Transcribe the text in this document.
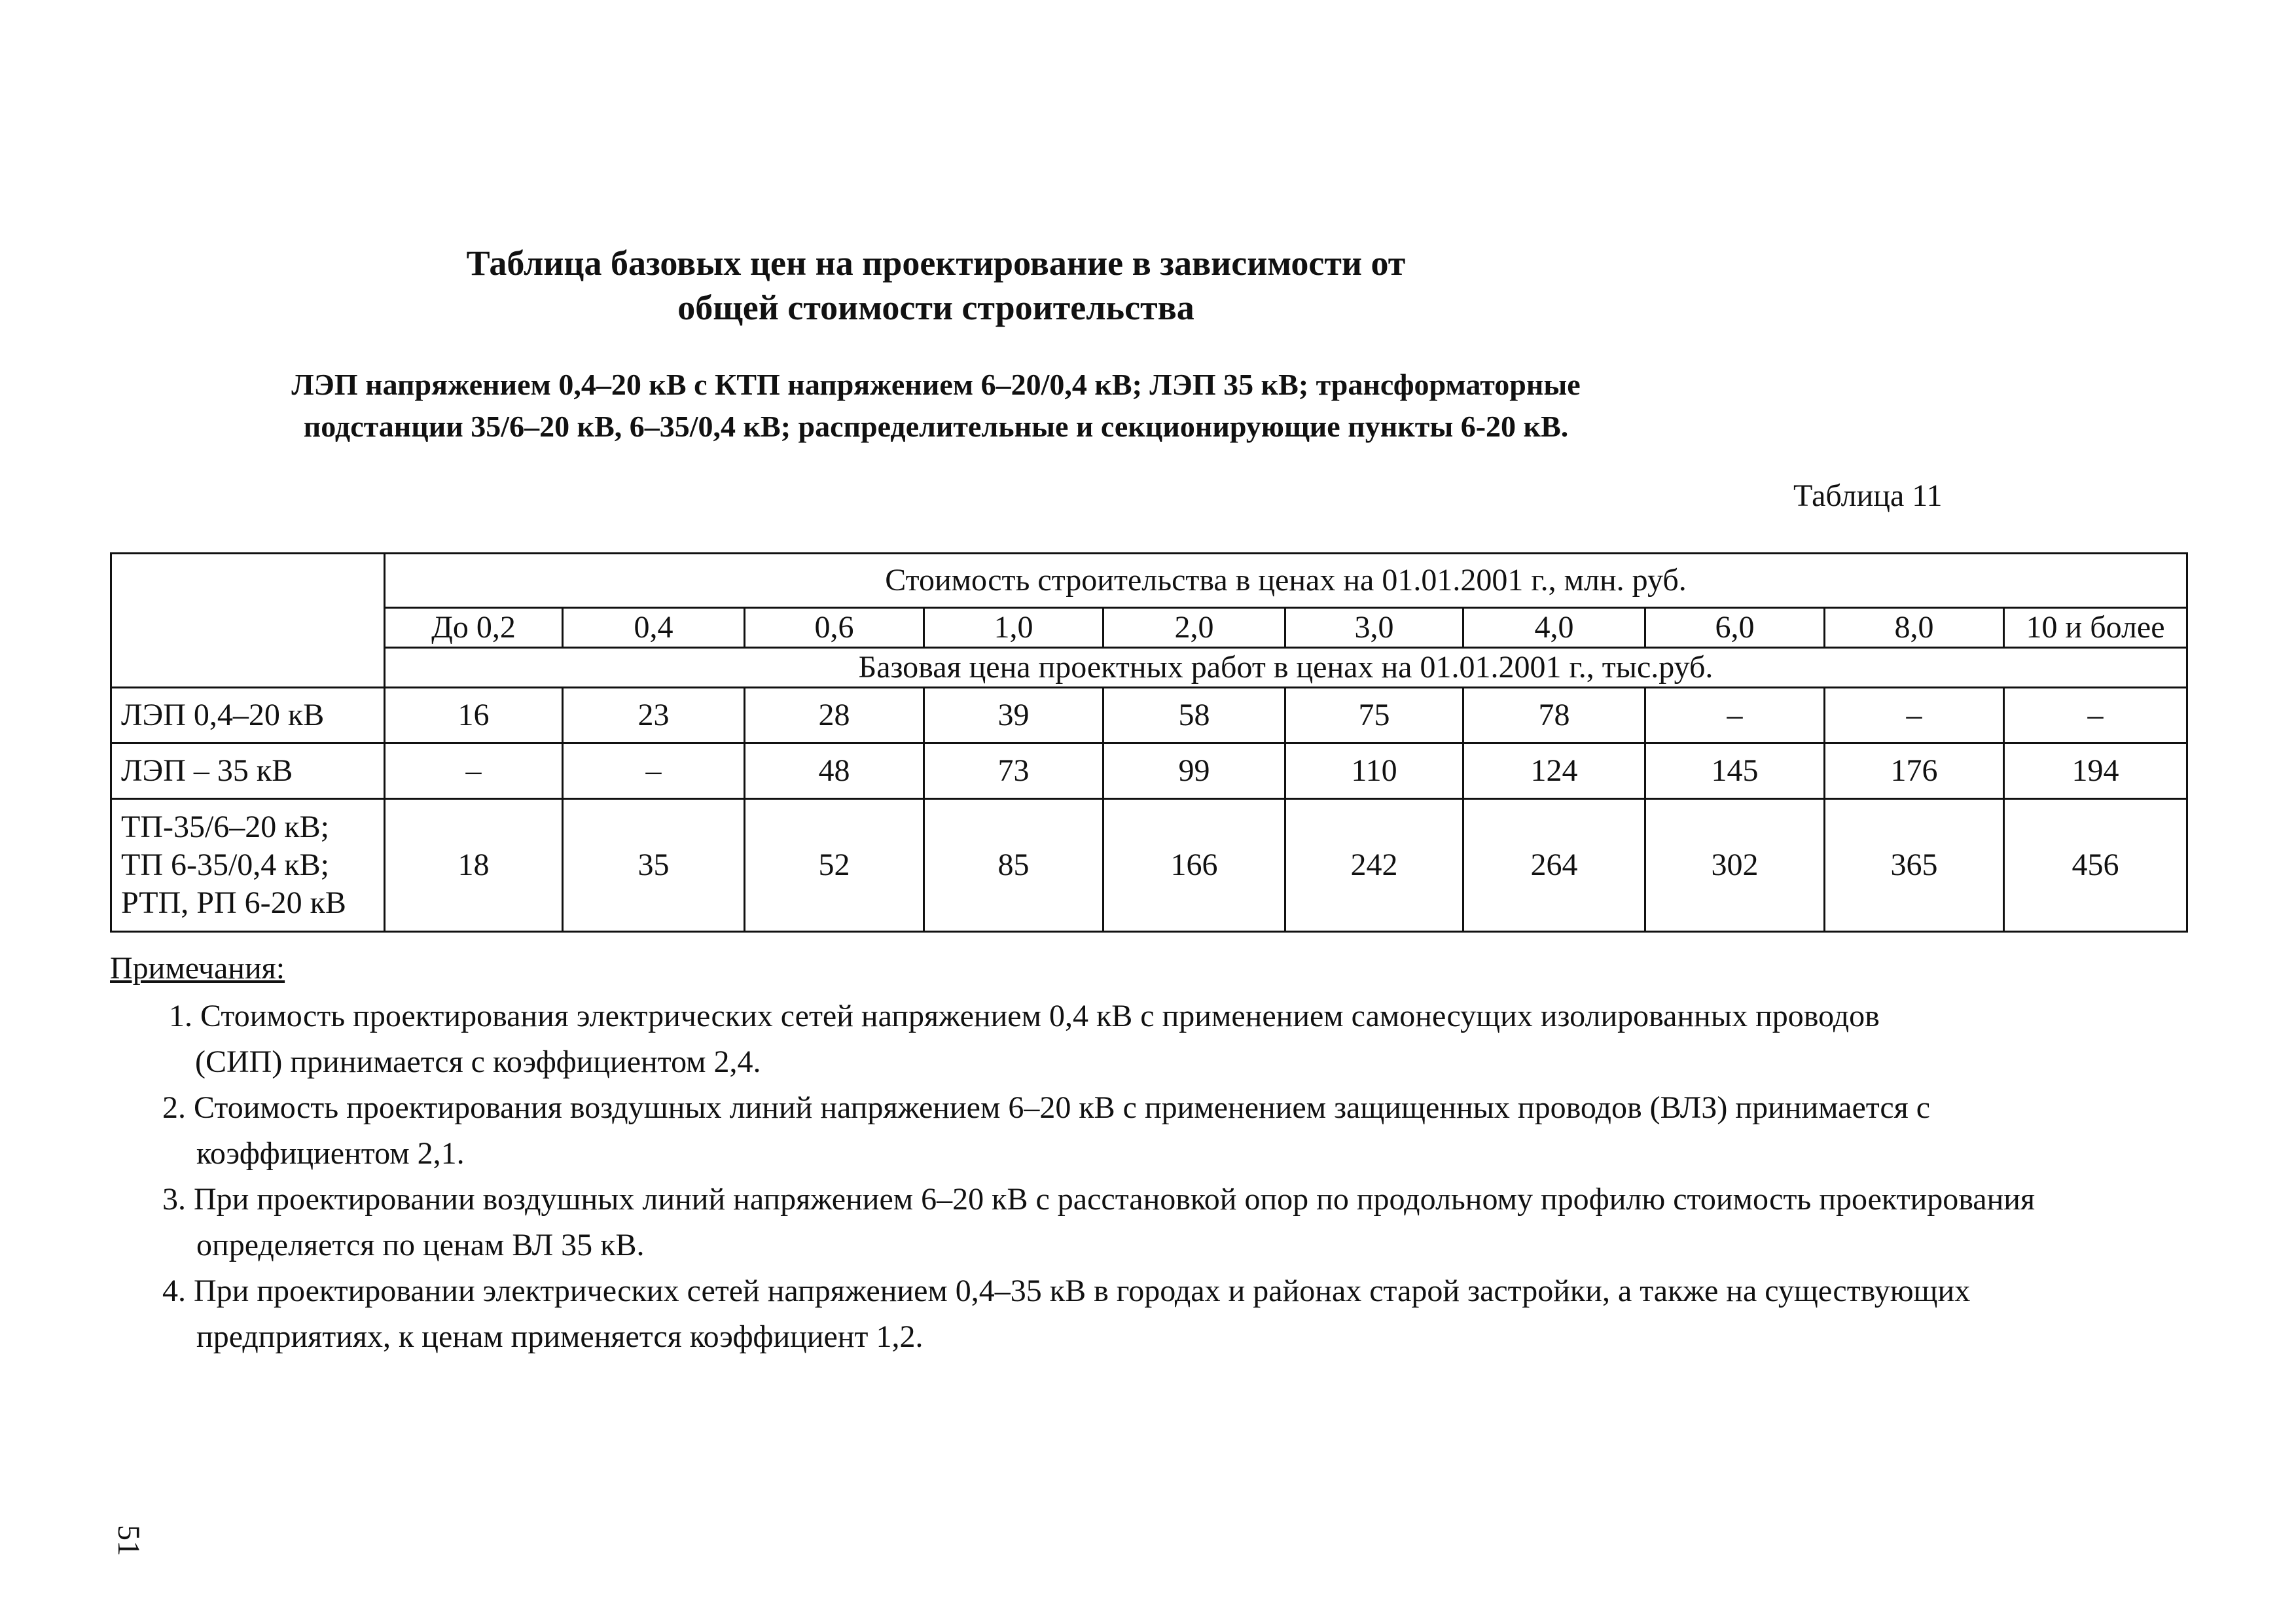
Таблица базовых цен на проектирование в зависимости от
общей стоимости строительства
ЛЭП напряжением 0,4–20 кВ с КТП напряжением 6–20/0,4 кВ; ЛЭП 35 кВ; трансформаторные
подстанции 35/6–20 кВ, 6–35/0,4 кВ; распределительные и секционирующие пункты 6-20 кВ.
Таблица 11
	Стоимость строительства в ценах на 01.01.2001 г., млн. руб.									
	До 0,2	0,4	0,6	1,0	2,0	3,0	4,0	6,0	8,0	10 и более
	Базовая цена проектных работ в ценах на 01.01.2001 г., тыс.руб.									
ЛЭП 0,4–20 кВ	16	23	28	39	58	75	78	–	–	–
ЛЭП – 35 кВ	–	–	48	73	99	110	124	145	176	194

ТП-35/6–20 кВ;
ТП 6-35/0,4 кВ;
РТП, РП 6-20 кВ	18	35	52	85	166	242	264	302	365	456
Примечания:
1. Стоимость проектирования электрических сетей напряжением 0,4 кВ с применением самонесущих изолированных проводов
(СИП) принимается с коэффициентом 2,4.
2. Стоимость проектирования воздушных линий напряжением 6–20 кВ с применением защищенных проводов (ВЛЗ) принимается с
коэффициентом 2,1.
3. При проектировании воздушных линий напряжением 6–20 кВ с расстановкой опор по продольному профилю стоимость проектирования
определяется по ценам ВЛ 35 кВ.
4. При проектировании электрических сетей напряжением 0,4–35 кВ в городах и районах старой застройки, а также на существующих
предприятиях, к ценам применяется коэффициент 1,2.
51
